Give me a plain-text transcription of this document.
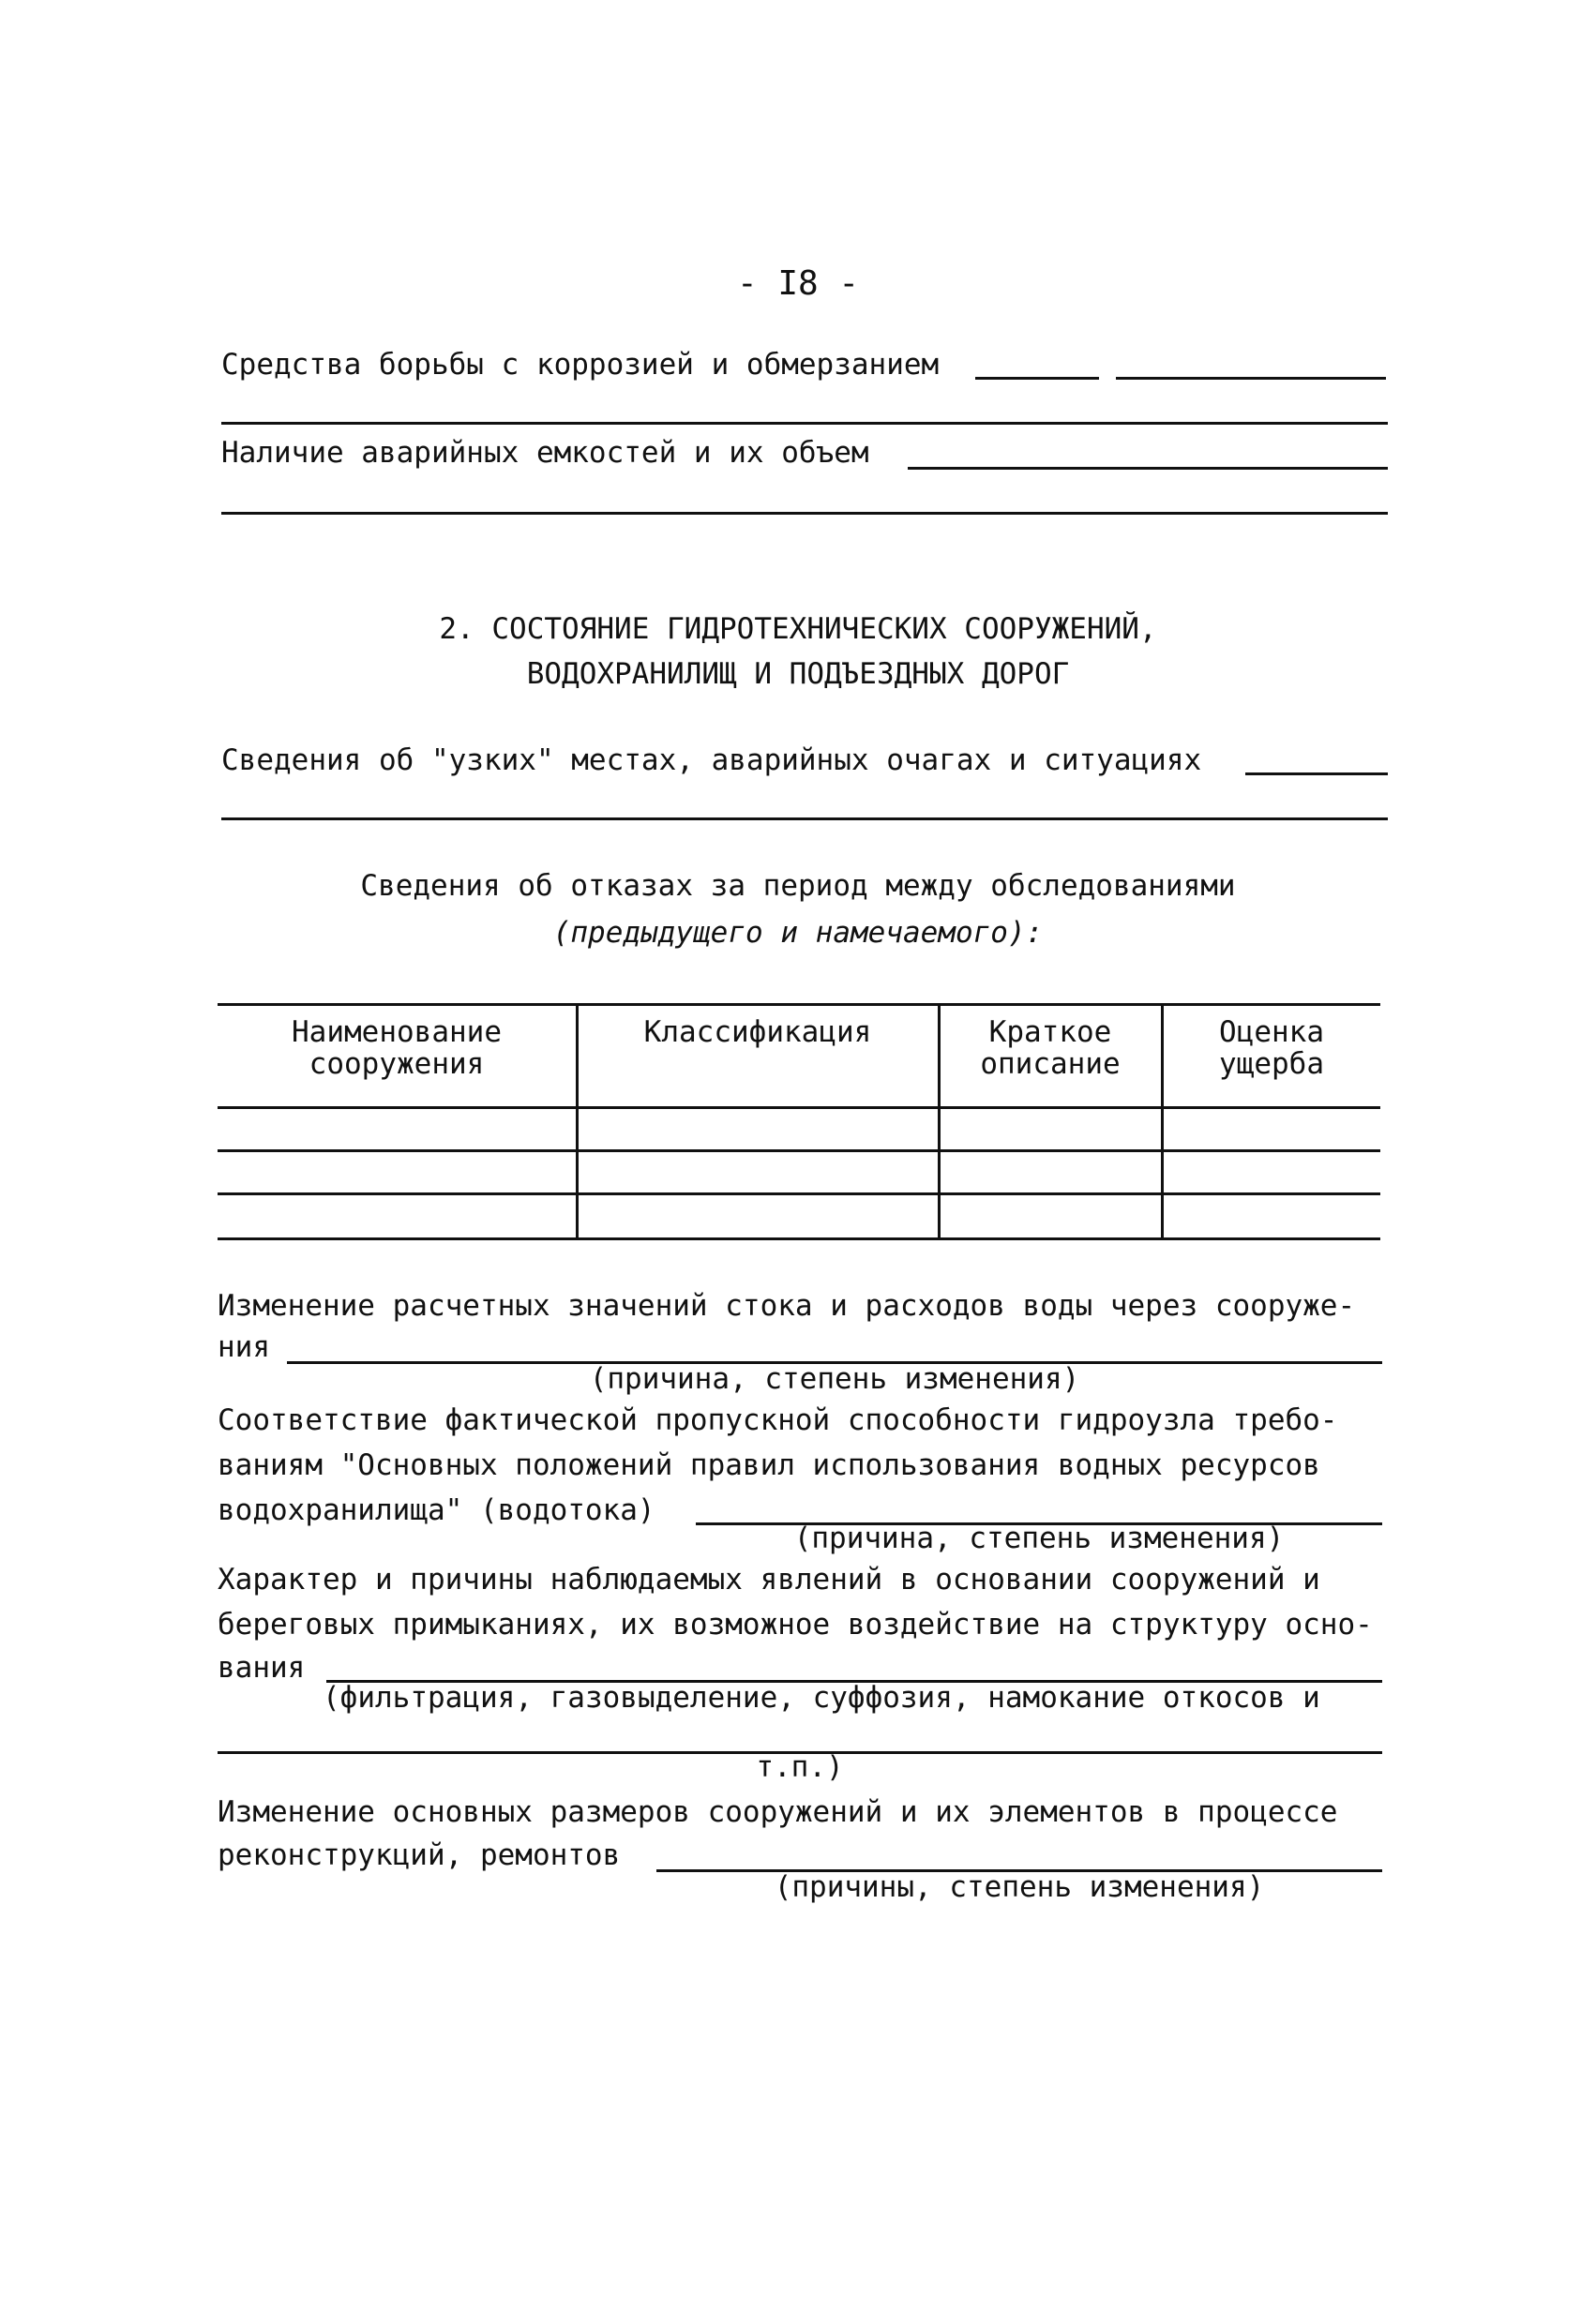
- I8 -
Средства борьбы с коррозией и обмерзанием
Наличие аварийных емкостей и их объем
2. СОСТОЯНИЕ ГИДРОТЕХНИЧЕСКИХ СООРУЖЕНИЙ,
ВОДОХРАНИЛИЩ И ПОДЪЕЗДНЫХ ДОРОГ
Сведения об "узких" местах, аварийных очагах и ситуациях
Сведения об отказах за период между обследованиями
(предыдущего и намечаемого):
Наименование
сооружения
Классификация	Краткое
описание
Оценка
ущерба
Изменение расчетных значений стока и расходов воды через сооруже-
ния
(причина, степень изменения)
Соответствие фактической пропускной способности гидроузла требо-
ваниям "Основных положений правил использования водных ресурсов
водохранилища" (водотока)
(причина, степень изменения)
Характер и причины наблюдаемых явлений в основании сооружений и
береговых примыканиях, их возможное воздействие на структуру осно-
вания
(фильтрация, газовыделение, суффозия, намокание откосов и
т.п.)
Изменение основных размеров сооружений и их элементов в процессе
реконструкций, ремонтов
(причины, степень изменения)
